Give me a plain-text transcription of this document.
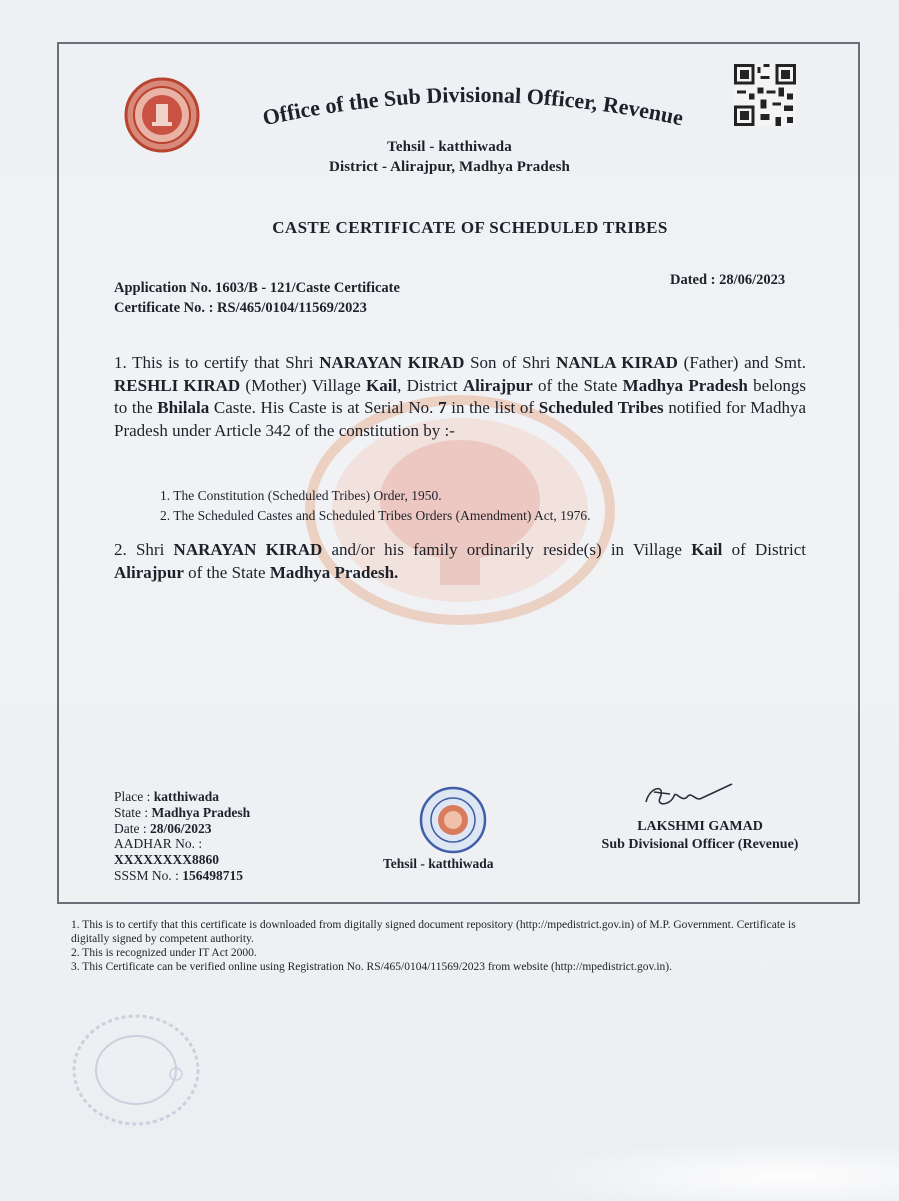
Office of the Sub Divisional Officer, Revenue
Tehsil - katthiwada
District - Alirajpur, Madhya Pradesh
CASTE CERTIFICATE OF SCHEDULED TRIBES
Application No. 1603/B - 121/Caste Certificate
Certificate No. : RS/465/0104/11569/2023
Dated : 28/06/2023
1. This is to certify that Shri NARAYAN KIRAD Son of Shri NANLA KIRAD (Father) and Smt. RESHLI KIRAD (Mother) Village Kail, District Alirajpur of the State Madhya Pradesh belongs to the Bhilala Caste. His Caste is at Serial No. 7 in the list of Scheduled Tribes notified for Madhya Pradesh under Article 342 of the constitution by :-
1. The Constitution (Scheduled Tribes) Order, 1950.
2. The Scheduled Castes and Scheduled Tribes Orders (Amendment) Act, 1976.
2. Shri NARAYAN KIRAD and/or his family ordinarily reside(s) in Village Kail of District Alirajpur of the State Madhya Pradesh.
Place : katthiwada
State : Madhya Pradesh
Date : 28/06/2023
AADHAR No. :
XXXXXXXX8860
SSSM No. : 156498715
Tehsil - katthiwada
LAKSHMI GAMAD
Sub Divisional Officer (Revenue)
1. This is to certify that this certificate is downloaded from digitally signed document repository (http://mpedistrict.gov.in) of M.P. Government. Certificate is digitally signed by competent authority.
2. This is recognized under IT Act 2000.
3. This Certificate can be verified online using Registration No. RS/465/0104/11569/2023 from website (http://mpedistrict.gov.in).
